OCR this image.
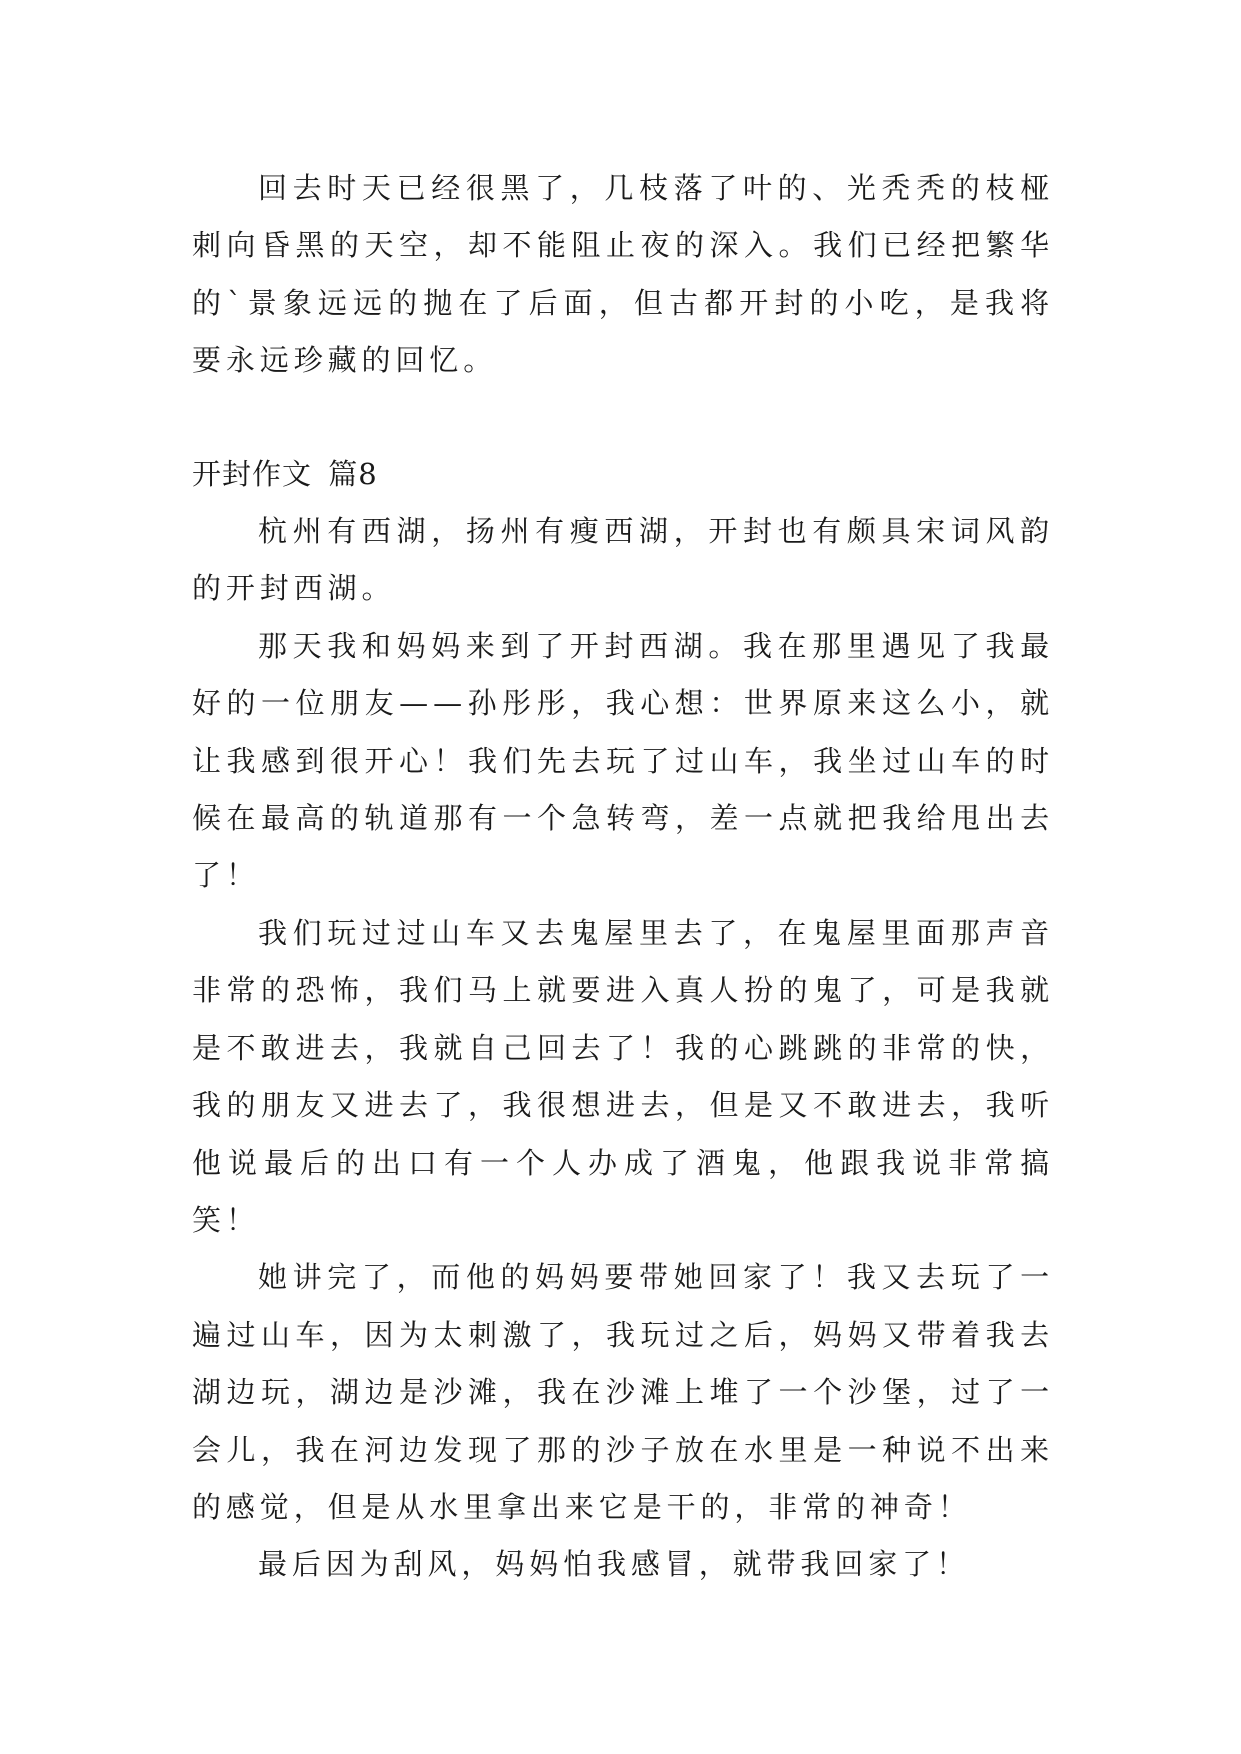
回去时天已经很黑了，几枝落了叶的、光秃秃的枝桠刺向昏黑的天空，却不能阻止夜的深入。我们已经把繁华的`景象远远的抛在了后面，但古都开封的小吃，是我将要永远珍藏的回忆。

开封作文 篇8

杭州有西湖，扬州有瘦西湖，开封也有颇具宋词风韵的开封西湖。

那天我和妈妈来到了开封西湖。我在那里遇见了我最好的一位朋友——孙彤彤，我心想：世界原来这么小，就让我感到很开心！我们先去玩了过山车，我坐过山车的时候在最高的轨道那有一个急转弯，差一点就把我给甩出去了！

我们玩过过山车又去鬼屋里去了，在鬼屋里面那声音非常的恐怖，我们马上就要进入真人扮的鬼了，可是我就是不敢进去，我就自己回去了！我的心跳跳的非常的快，我的朋友又进去了，我很想进去，但是又不敢进去，我听他说最后的出口有一个人办成了酒鬼，他跟我说非常搞笑！

她讲完了，而他的妈妈要带她回家了！我又去玩了一遍过山车，因为太刺激了，我玩过之后，妈妈又带着我去湖边玩，湖边是沙滩，我在沙滩上堆了一个沙堡，过了一会儿，我在河边发现了那的沙子放在水里是一种说不出来的感觉，但是从水里拿出来它是干的，非常的神奇！

最后因为刮风，妈妈怕我感冒，就带我回家了！
